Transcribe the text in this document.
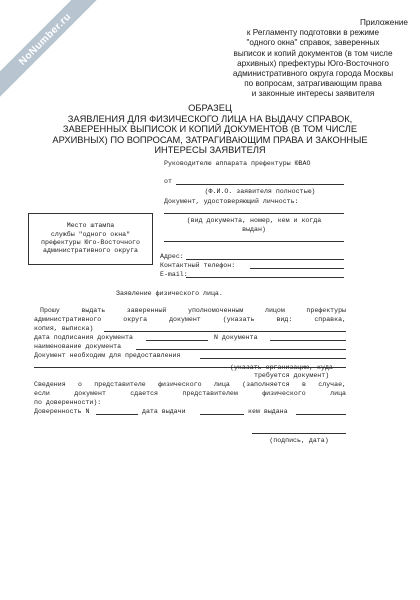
NoNumber.ru	Приложение
к Регламенту подготовки в режиме
"одного окна" справок, заверенных
выписок и копий документов (в том числе
архивных) префектуры Юго-Восточного
административного округа города Москвы
по вопросам, затрагивающим права
и законные интересы заявителя
ОБРАЗЕЦ
ЗАЯВЛЕНИЯ ДЛЯ ФИЗИЧЕСКОГО ЛИЦА НА ВЫДАЧУ СПРАВОК,
ЗАВЕРЕННЫХ ВЫПИСОК И КОПИЙ ДОКУМЕНТОВ (В ТОМ ЧИСЛЕ
АРХИВНЫХ) ПО ВОПРОСАМ, ЗАТРАГИВАЮЩИМ ПРАВА И ЗАКОННЫЕ
ИНТЕРЕСЫ ЗАЯВИТЕЛЯ
Руководителю аппарата префектуры ЮВАО
от
(Ф.И.О. заявителя полностью)
Документ, удостоверяющий личность:
(вид документа, номер, кем и когда
выдан)
Адрес:
Контактный телефон:
E-mail:
Место штампа
службы "одного окна"
префектуры Юго-Восточного
административного округа
Заявление физического лица.
Прошу выдать заверенный уполномоченным лицом префектуры
административного округа документ (указать вид: справка,
копия, выписка)
дата подписания документа	N документа
наименование документа
Документ необходим для предоставления
(указать организацию, куда
требуется документ)
Сведения о представителе физического лица (заполняется в случае,
если документ сдается представителем физического лица
по доверенности):
Доверенность N	дата выдачи	кем выдана
(подпись, дата)
